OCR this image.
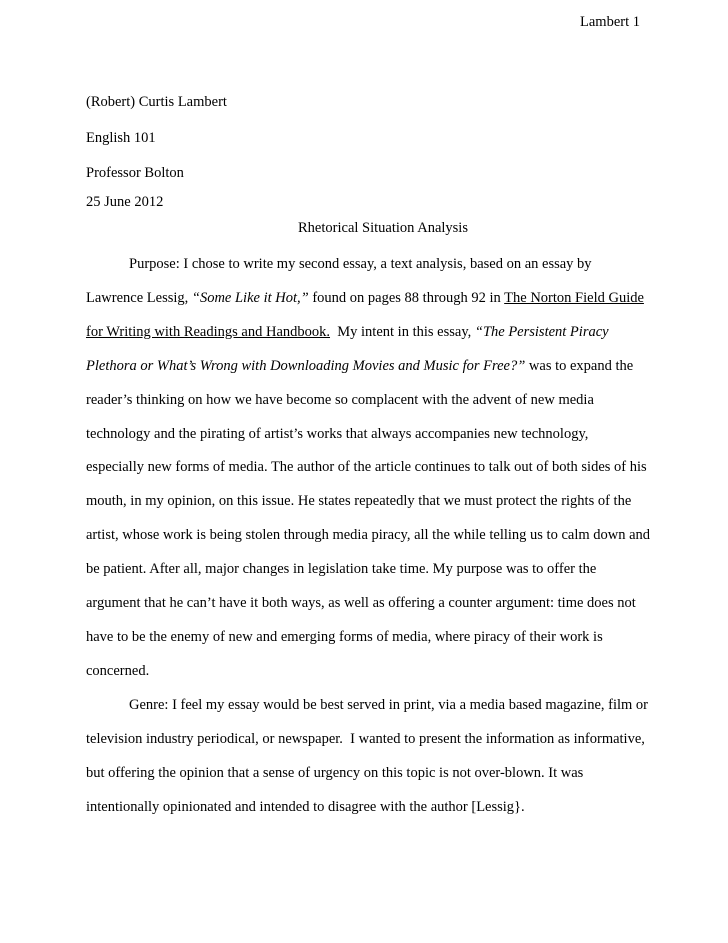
Lambert 1
(Robert) Curtis Lambert
English 101
Professor Bolton
25 June 2012
Rhetorical Situation Analysis
Purpose: I chose to write my second essay, a text analysis, based on an essay by
Lawrence Lessig, “Some Like it Hot,” found on pages 88 through 92 in The Norton Field Guide
for Writing with Readings and Handbook.  My intent in this essay, “The Persistent Piracy
Plethora or What’s Wrong with Downloading Movies and Music for Free?” was to expand the
reader’s thinking on how we have become so complacent with the advent of new media
technology and the pirating of artist’s works that always accompanies new technology,
especially new forms of media. The author of the article continues to talk out of both sides of his
mouth, in my opinion, on this issue. He states repeatedly that we must protect the rights of the
artist, whose work is being stolen through media piracy, all the while telling us to calm down and
be patient. After all, major changes in legislation take time. My purpose was to offer the
argument that he can’t have it both ways, as well as offering a counter argument: time does not
have to be the enemy of new and emerging forms of media, where piracy of their work is
concerned.
Genre: I feel my essay would be best served in print, via a media based magazine, film or
television industry periodical, or newspaper.  I wanted to present the information as informative,
but offering the opinion that a sense of urgency on this topic is not over-blown. It was
intentionally opinionated and intended to disagree with the author [Lessig}.
